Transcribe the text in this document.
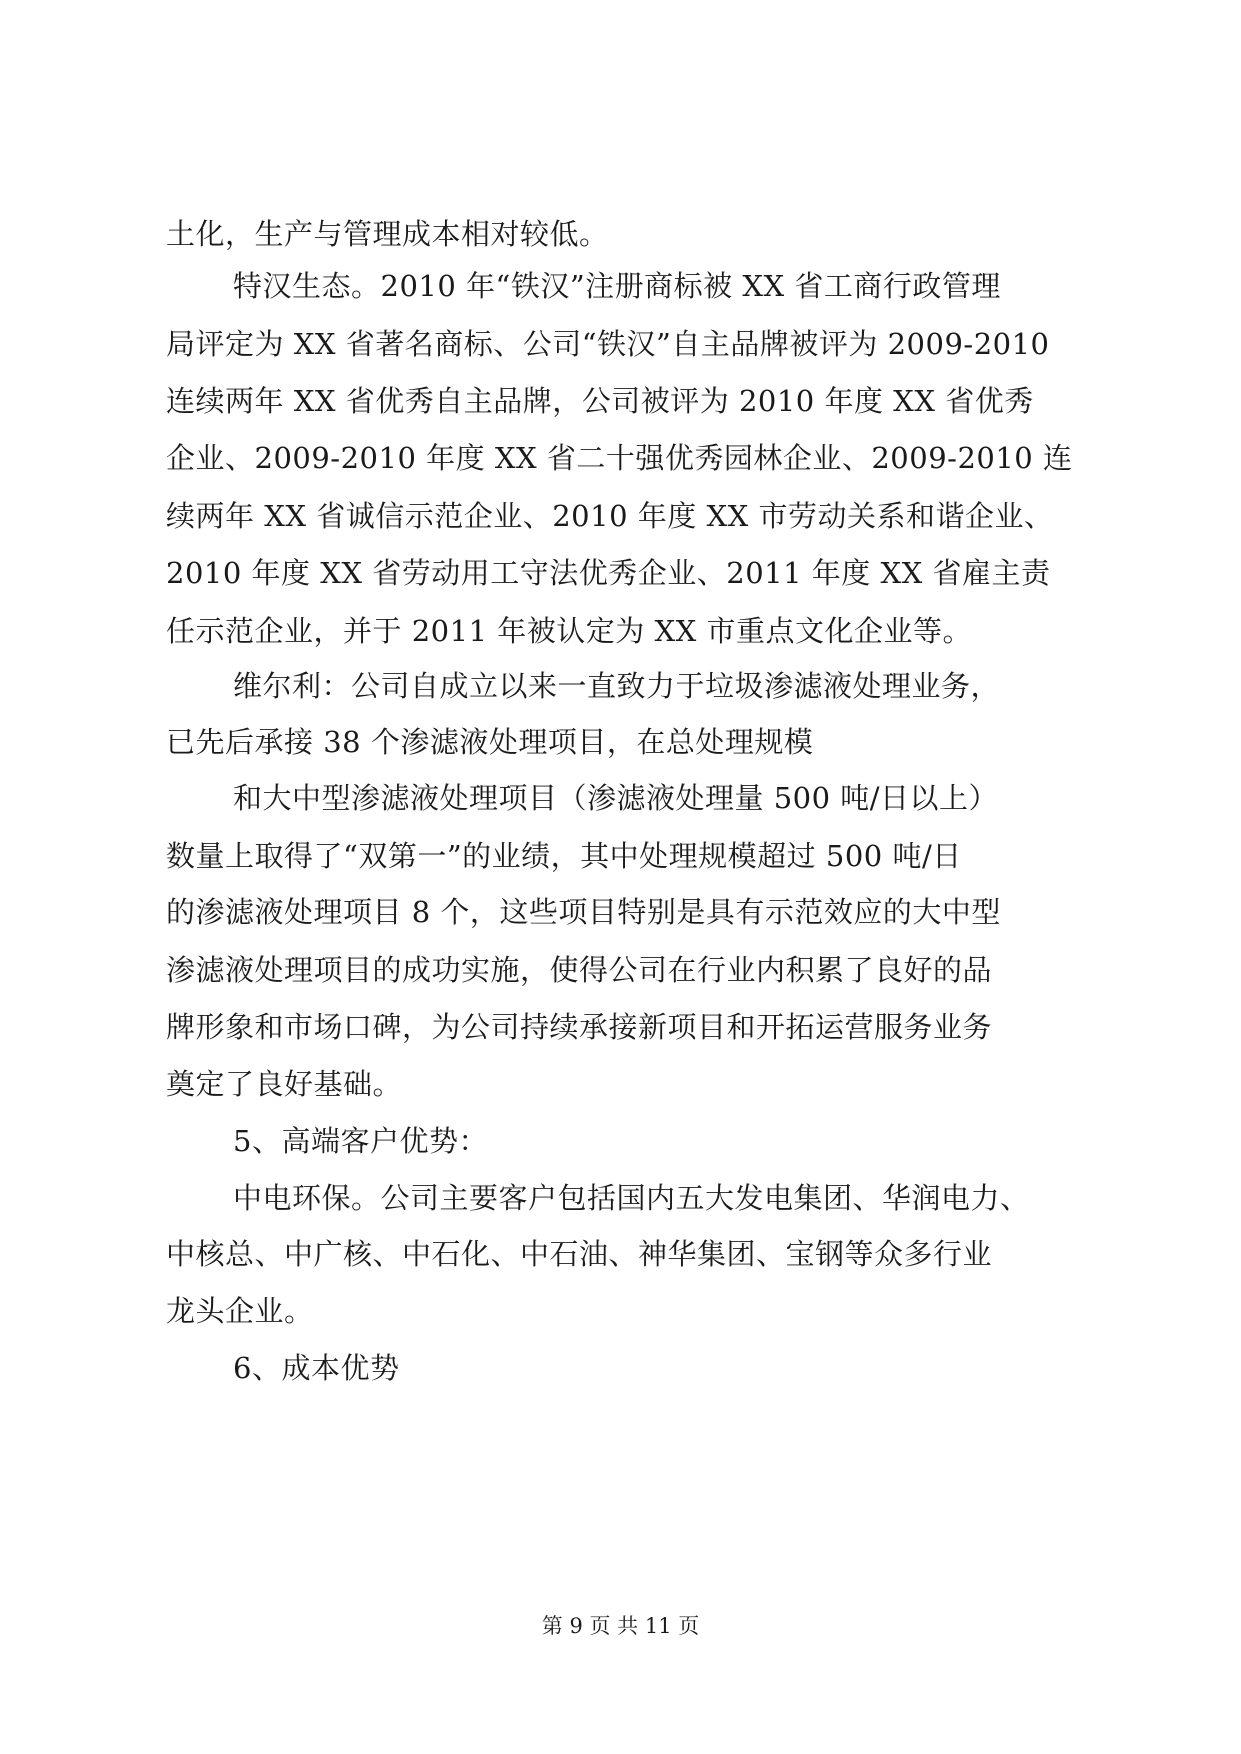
土化，生产与管理成本相对较低。
特汉生态。2010 年“铁汉”注册商标被 XX 省工商行政管理
局评定为 XX 省著名商标、公司“铁汉”自主品牌被评为 2009-2010
连续两年 XX 省优秀自主品牌，公司被评为 2010 年度 XX 省优秀
企业、2009-2010 年度 XX 省二十强优秀园林企业、2009-2010 连
续两年 XX 省诚信示范企业、2010 年度 XX 市劳动关系和谐企业、
2010 年度 XX 省劳动用工守法优秀企业、2011 年度 XX 省雇主责
任示范企业，并于 2011 年被认定为 XX 市重点文化企业等。
维尔利：公司自成立以来一直致力于垃圾渗滤液处理业务，
已先后承接 38 个渗滤液处理项目，在总处理规模
和大中型渗滤液处理项目（渗滤液处理量 500 吨/日以上）
数量上取得了“双第一”的业绩，其中处理规模超过 500 吨/日
的渗滤液处理项目 8 个，这些项目特别是具有示范效应的大中型
渗滤液处理项目的成功实施，使得公司在行业内积累了良好的品
牌形象和市场口碑，为公司持续承接新项目和开拓运营服务业务
奠定了良好基础。
5、高端客户优势：
中电环保。公司主要客户包括国内五大发电集团、华润电力、
中核总、中广核、中石化、中石油、神华集团、宝钢等众多行业
龙头企业。
6、成本优势
第 9 页 共 11 页
